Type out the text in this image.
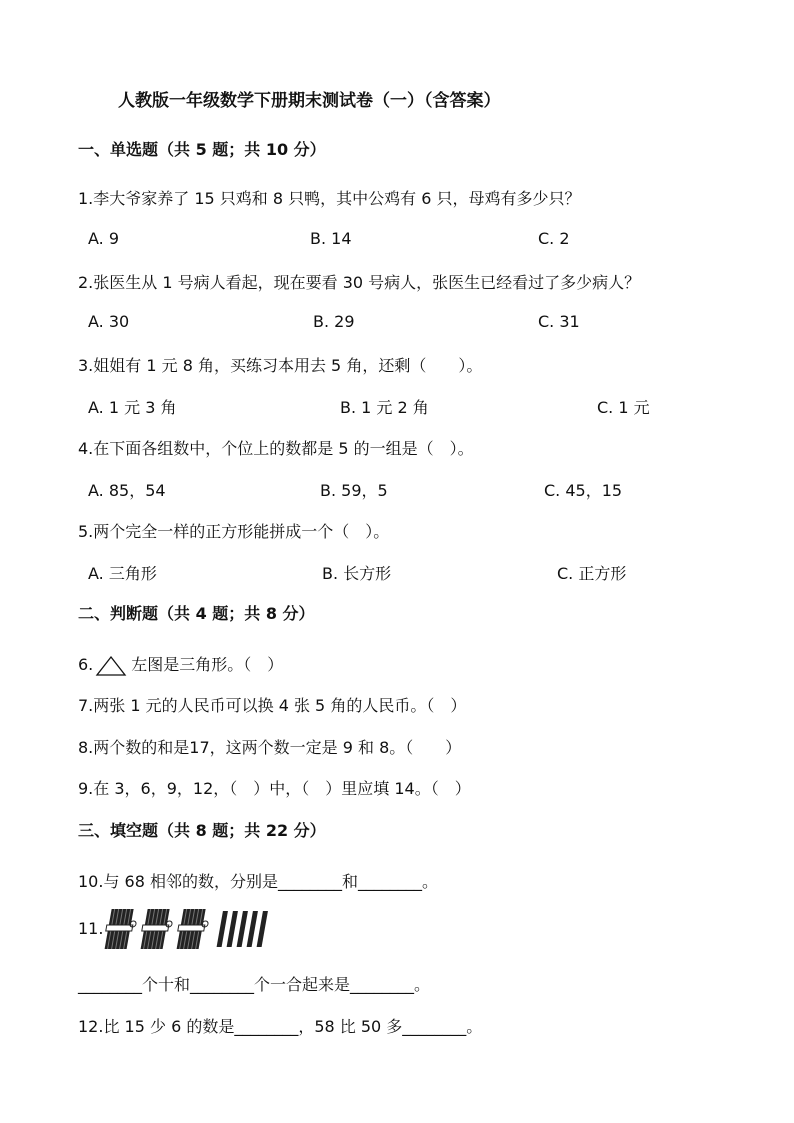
人教版一年级数学下册期末测试卷（一）（含答案）
一、单选题（共 5 题；共 10 分）
1.李大爷家养了 15 只鸡和 8 只鸭，其中公鸡有 6 只，母鸡有多少只？
A. 9	B. 14	C. 2
2.张医生从 1 号病人看起，现在要看 30 号病人，张医生已经看过了多少病人？
A. 30	B. 29	C. 31
3.姐姐有 1 元 8 角，买练习本用去 5 角，还剩（　　）。
A. 1 元 3 角	B. 1 元 2 角	C. 1 元
4.在下面各组数中，个位上的数都是 5 的一组是（　）。
A. 85，54	B. 59，5	C. 45，15
5.两个完全一样的正方形能拼成一个（　）。
A. 三角形	B. 长方形	C. 正方形
二、判断题（共 4 题；共 8 分）
6. 左图是三角形。（　）
7.两张 1 元的人民币可以换 4 张 5 角的人民币。（　）
8.两个数的和是17，这两个数一定是 9 和 8。（　　）
9.在 3，6，9，12，（　）中，（　）里应填 14。（　）
三、填空题（共 8 题；共 22 分）
10.与 68 相邻的数，分别是________和________。
11.
________个十和________个一合起来是________。
12.比 15 少 6 的数是________，58 比 50 多________。
